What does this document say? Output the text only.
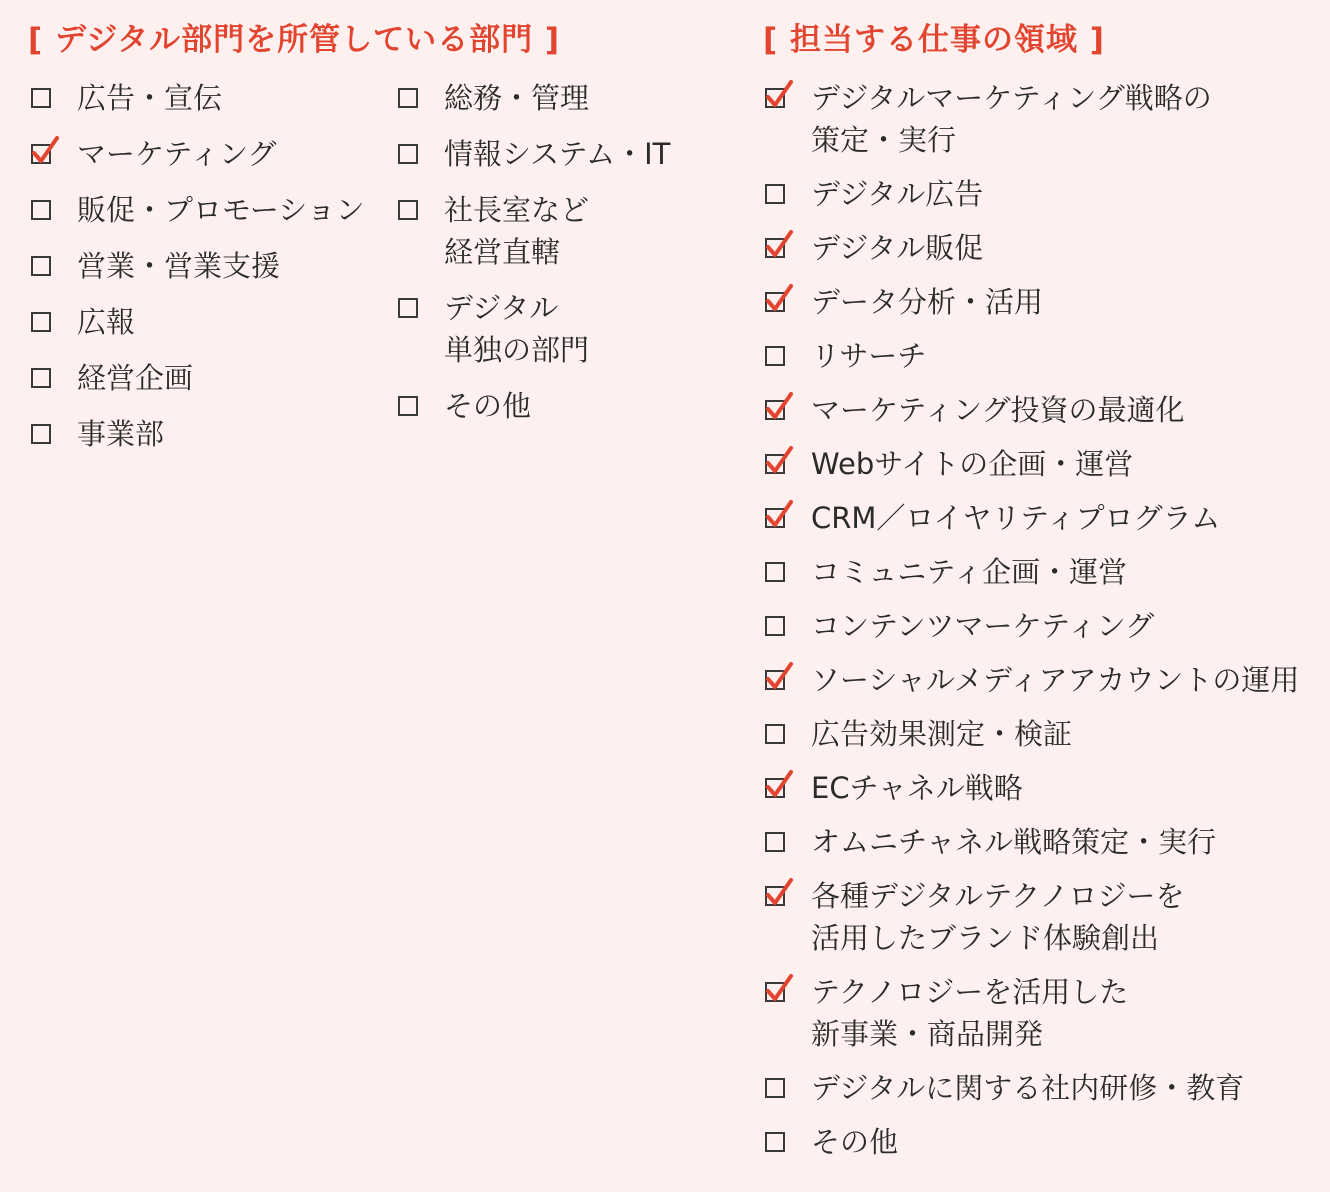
[ デジタル部門を所管している部門 ]	[ 担当する仕事の領域 ]
広告・宣伝
マーケティング
販促・プロモーション
営業・営業支援
広報
経営企画
事業部
総務・管理
情報システム・IT
社長室など
経営直轄
デジタル
単独の部門
その他
デジタルマーケティング戦略の
策定・実行
デジタル広告
デジタル販促
データ分析・活用
リサーチ
マーケティング投資の最適化
Webサイトの企画・運営
CRM／ロイヤリティプログラム
コミュニティ企画・運営
コンテンツマーケティング
ソーシャルメディアアカウントの運用
広告効果測定・検証
ECチャネル戦略
オムニチャネル戦略策定・実行
各種デジタルテクノロジーを
活用したブランド体験創出
テクノロジーを活用した
新事業・商品開発
デジタルに関する社内研修・教育
その他
